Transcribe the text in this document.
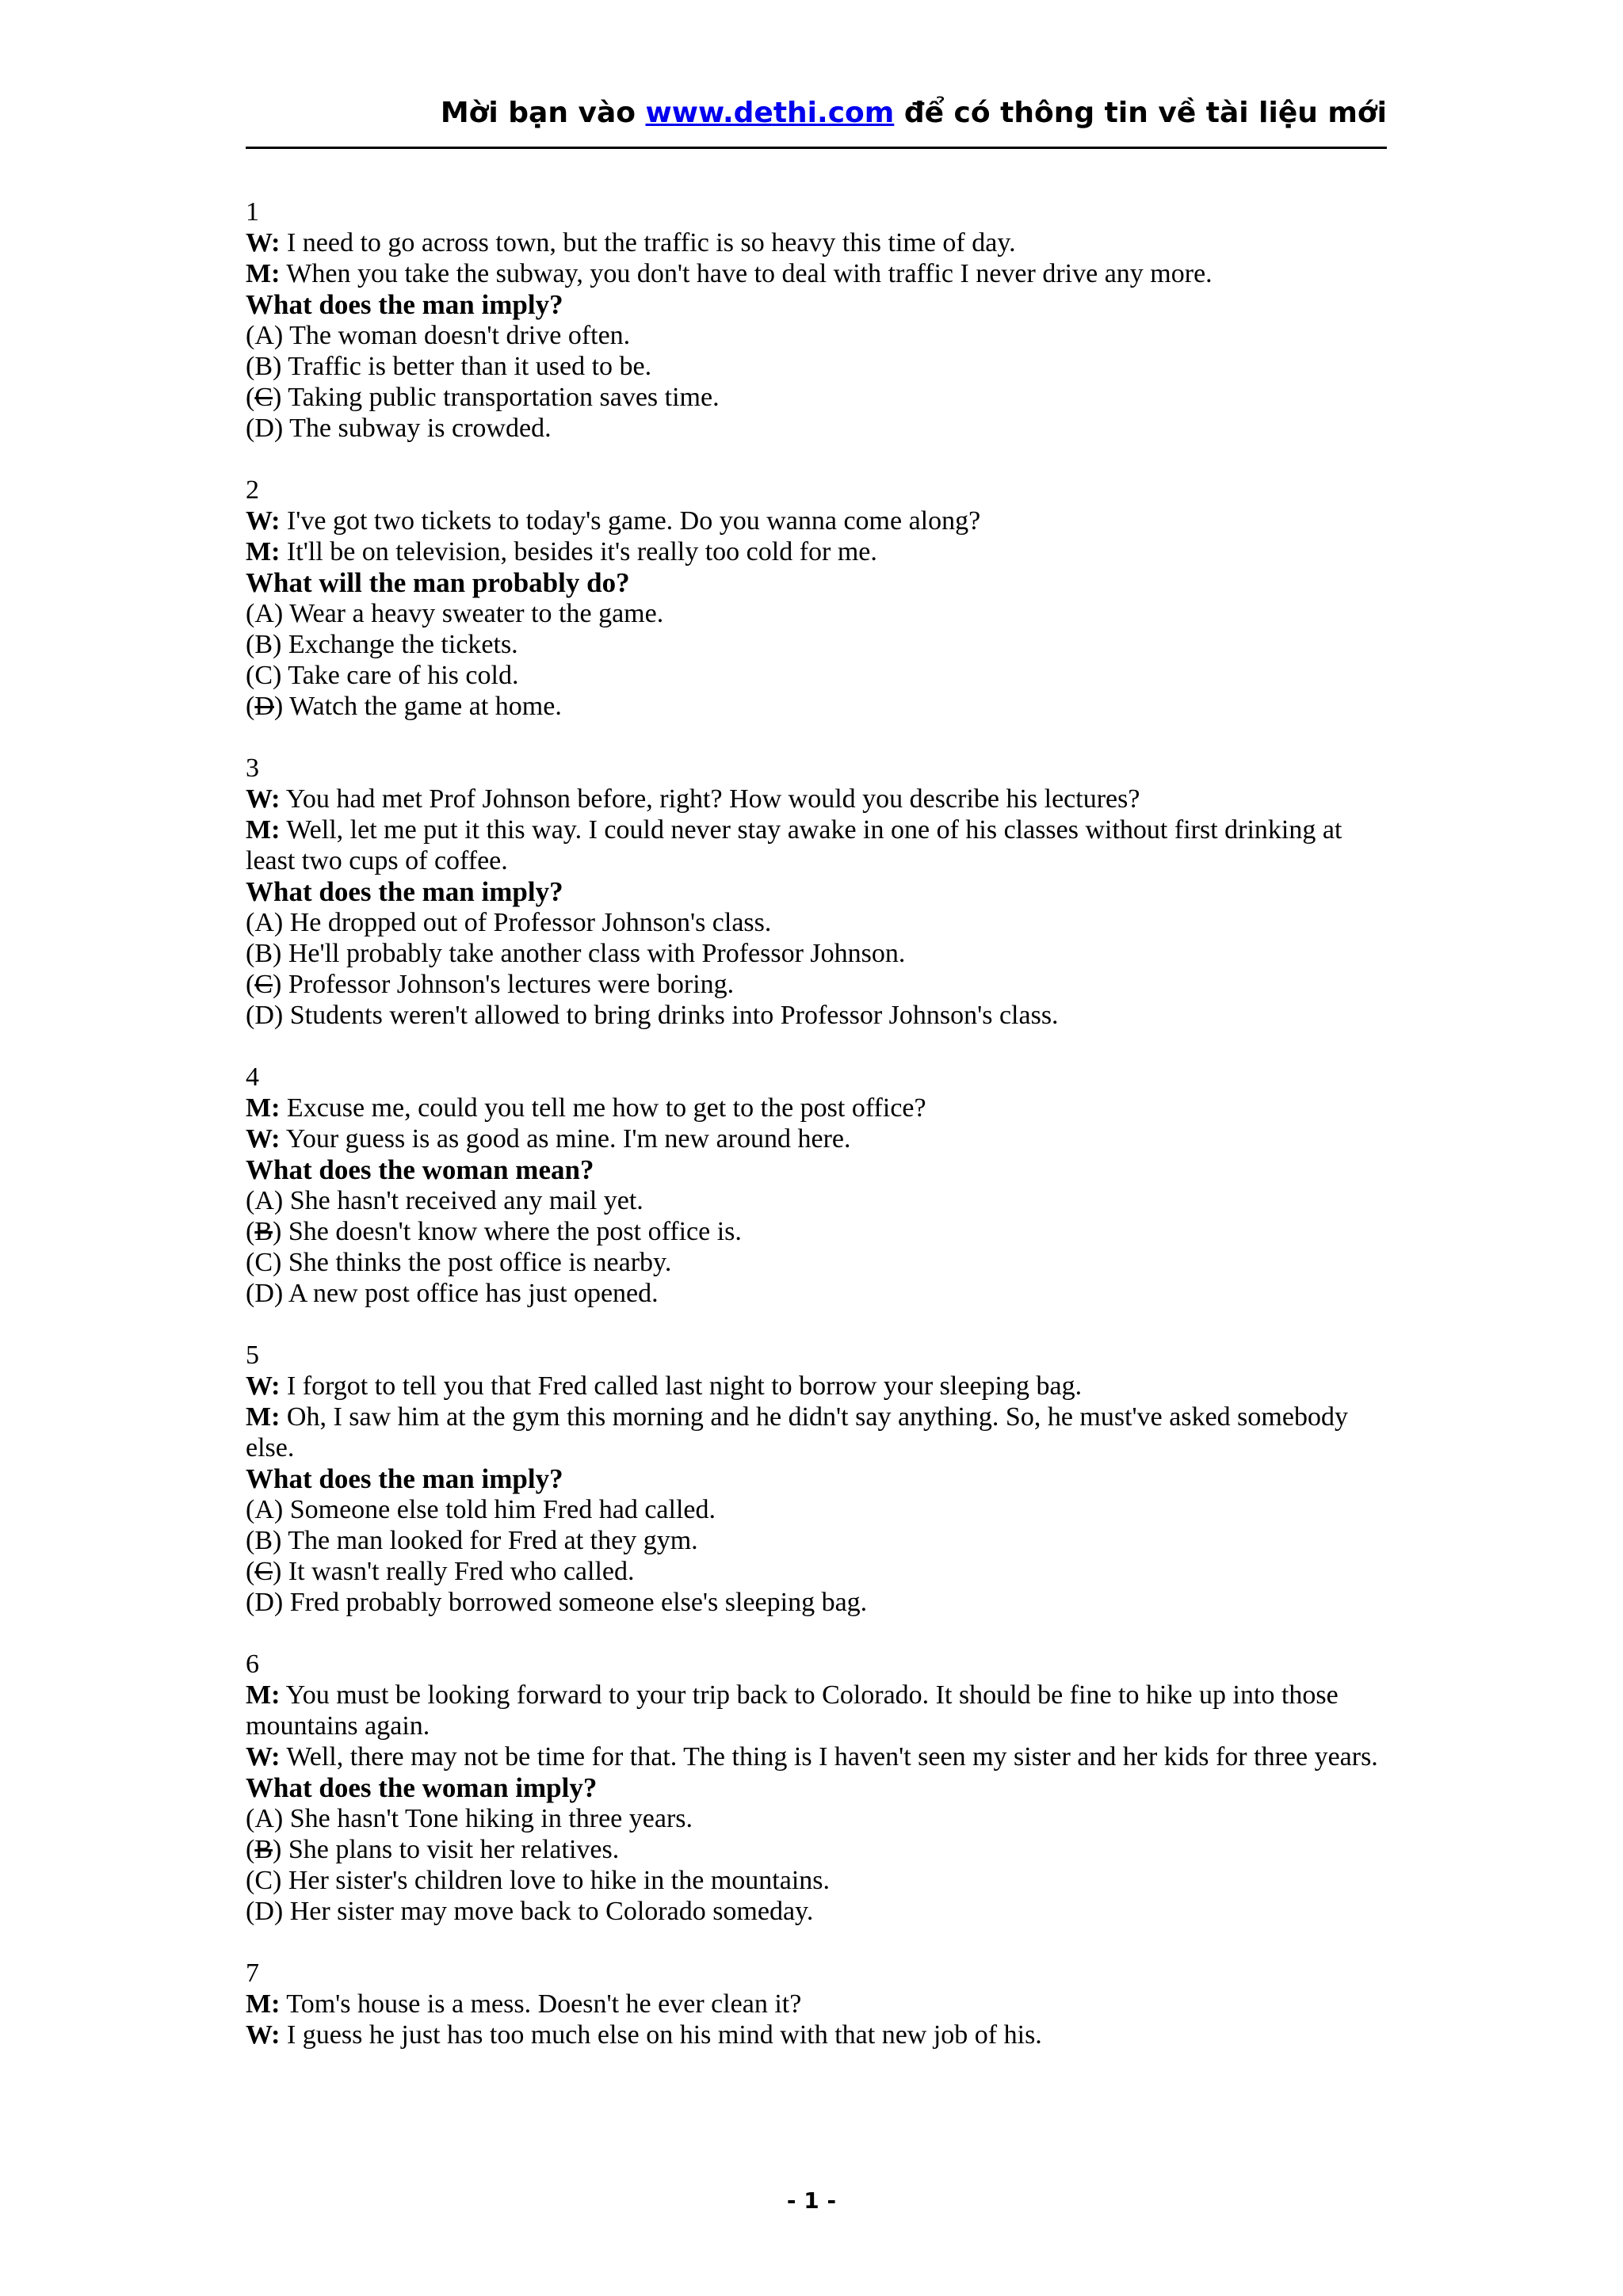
Mời bạn vào www.dethi.com để có thông tin về tài liệu mới
1
W: I need to go across town, but the traffic is so heavy this time of day.
M: When you take the subway, you don't have to deal with traffic I never drive any more.
What does the man imply?
(A) The woman doesn't drive often.
(B) Traffic is better than it used to be.
(C) Taking public transportation saves time.
(D) The subway is crowded.
2
W: I've got two tickets to today's game. Do you wanna come along?
M: It'll be on television, besides it's really too cold for me.
What will the man probably do?
(A) Wear a heavy sweater to the game.
(B) Exchange the tickets.
(C) Take care of his cold.
(D) Watch the game at home.
3
W: You had met Prof Johnson before, right? How would you describe his lectures?
M: Well, let me put it this way. I could never stay awake in one of his classes without first drinking at least two cups of coffee.
What does the man imply?
(A) He dropped out of Professor Johnson's class.
(B) He'll probably take another class with Professor Johnson.
(C) Professor Johnson's lectures were boring.
(D) Students weren't allowed to bring drinks into Professor Johnson's class.
4
M: Excuse me, could you tell me how to get to the post office?
W: Your guess is as good as mine. I'm new around here.
What does the woman mean?
(A) She hasn't received any mail yet.
(B) She doesn't know where the post office is.
(C) She thinks the post office is nearby.
(D) A new post office has just opened.
5
W: I forgot to tell you that Fred called last night to borrow your sleeping bag.
M: Oh, I saw him at the gym this morning and he didn't say anything. So, he must've asked somebody else.
What does the man imply?
(A) Someone else told him Fred had called.
(B) The man looked for Fred at they gym.
(C) It wasn't really Fred who called.
(D) Fred probably borrowed someone else's sleeping bag.
6
M: You must be looking forward to your trip back to Colorado. It should be fine to hike up into those mountains again.
W: Well, there may not be time for that. The thing is I haven't seen my sister and her kids for three years.
What does the woman imply?
(A) She hasn't Tone hiking in three years.
(B) She plans to visit her relatives.
(C) Her sister's children love to hike in the mountains.
(D) Her sister may move back to Colorado someday.
7
M: Tom's house is a mess. Doesn't he ever clean it?
W: I guess he just has too much else on his mind with that new job of his.
- 1 -
